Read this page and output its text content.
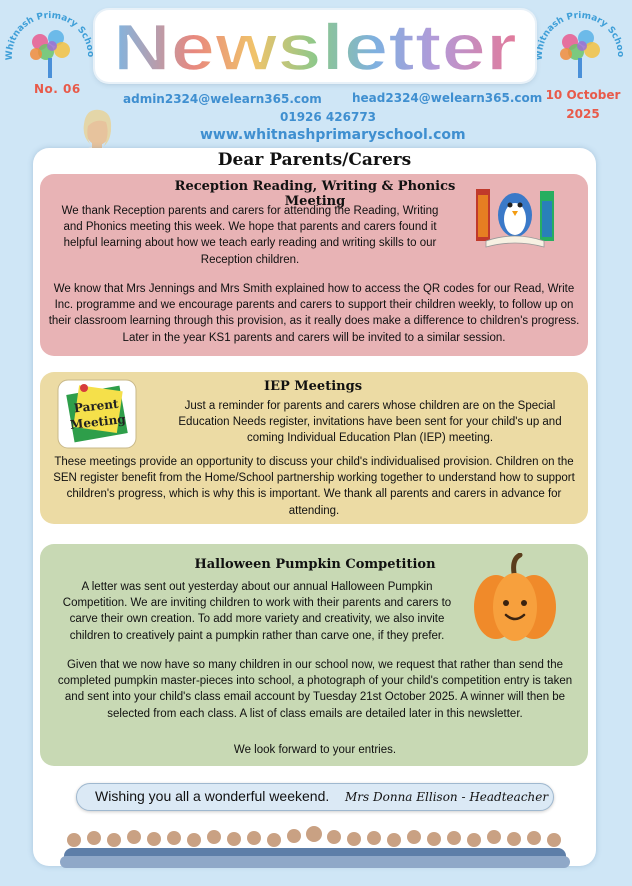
Whitnash Primary Schoo	Whitnash Primary Schoo
No. 06	10 October
2025
Newsletter
admin2324@welearn365.com	head2324@welearn365.com
01926 426773
www.whitnashprimaryschool.com
Dear Parents/Carers
Reception Reading, Writing & Phonics Meeting
We thank Reception parents and carers for attending the Reading, Writing and Phonics meeting this week. We hope that parents and carers found it helpful learning about how we teach early reading and writing skills to our Reception children.
We know that Mrs Jennings and Mrs Smith explained how to access the QR codes for our Read, Write Inc. programme and we encourage parents and carers to support their children weekly, to follow up on their classroom learning through this provision, as it really does make a difference to children's progress. Later in the year KS1 parents and carers will be invited to a similar session.
IEP Meetings
Parent
Meeting
Just a reminder for parents and carers whose children are on the Special Education Needs register, invitations have been sent for your child's up and coming Individual Education Plan (IEP) meeting.
These meetings provide an opportunity to discuss your child's individualised provision. Children on the SEN register benefit from the Home/School partnership working together to understand how to support children's progress, which is why this is important. We thank all parents and carers in advance for attending.
Halloween Pumpkin Competition
A letter was sent out yesterday about our annual Halloween Pumpkin Competition. We are inviting children to work with their parents and carers to carve their own creation. To add more variety and creativity, we also invite children to creatively paint a pumpkin rather than carve one, if they prefer.
Given that we now have so many children in our school now, we request that rather than send the completed pumpkin master-pieces into school, a photograph of your child's competition entry is taken and sent into your child's class email account by Tuesday 21st October 2025. A winner will then be selected from each class. A list of class emails are detailed later in this newsletter.
We look forward to your entries.
Wishing you all a wonderful weekend. Mrs Donna Ellison - Headteacher
